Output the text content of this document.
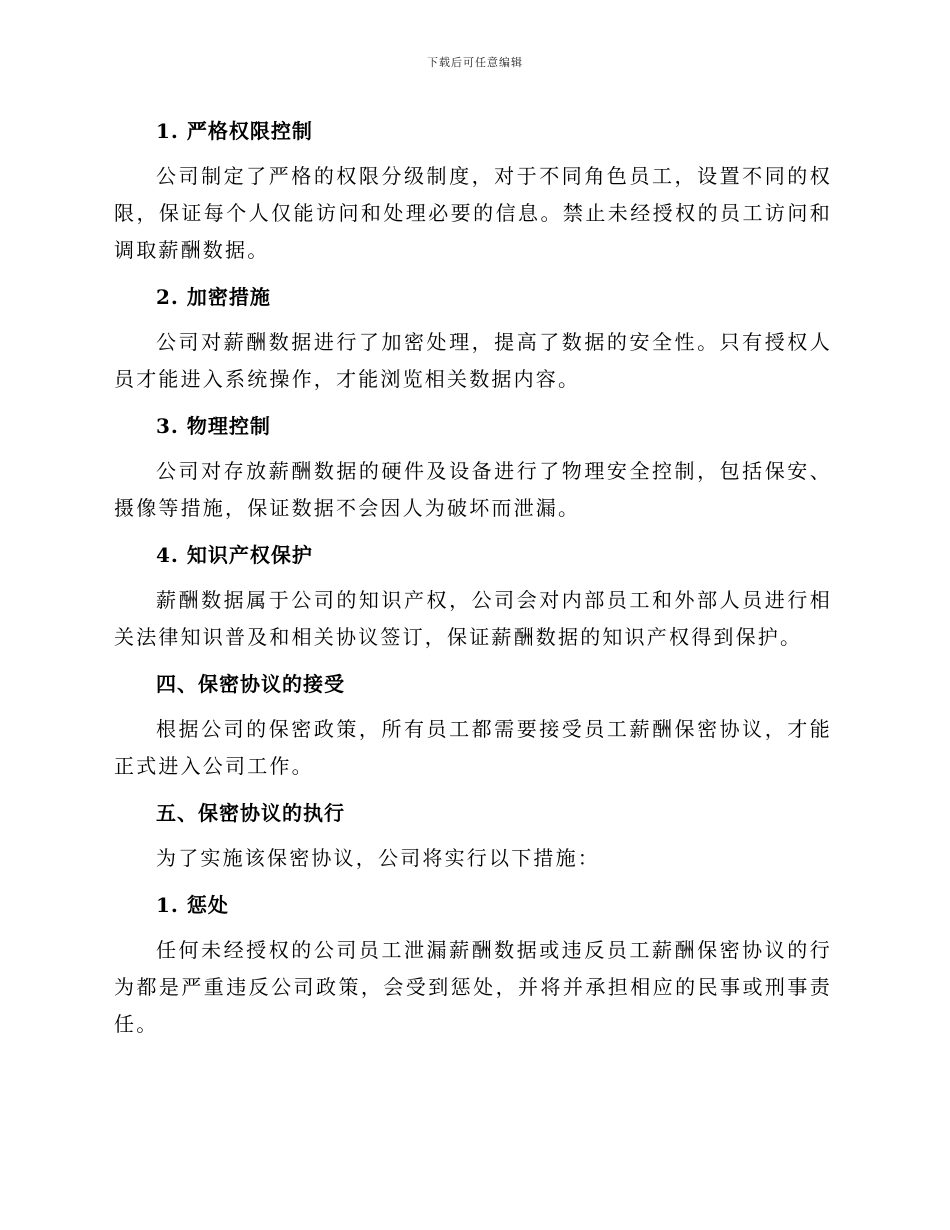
下载后可任意编辑
1. 严格权限控制

公司制定了严格的权限分级制度，对于不同角色员工，设置不同的权限，保证每个人仅能访问和处理必要的信息。禁止未经授权的员工访问和调取薪酬数据。

2. 加密措施

公司对薪酬数据进行了加密处理，提高了数据的安全性。只有授权人员才能进入系统操作，才能浏览相关数据内容。

3. 物理控制

公司对存放薪酬数据的硬件及设备进行了物理安全控制，包括保安、摄像等措施，保证数据不会因人为破坏而泄漏。

4. 知识产权保护

薪酬数据属于公司的知识产权，公司会对内部员工和外部人员进行相关法律知识普及和相关协议签订，保证薪酬数据的知识产权得到保护。

四、保密协议的接受

根据公司的保密政策，所有员工都需要接受员工薪酬保密协议，才能正式进入公司工作。

五、保密协议的执行

为了实施该保密协议，公司将实行以下措施：

1. 惩处

任何未经授权的公司员工泄漏薪酬数据或违反员工薪酬保密协议的行为都是严重违反公司政策，会受到惩处，并将并承担相应的民事或刑事责任。
